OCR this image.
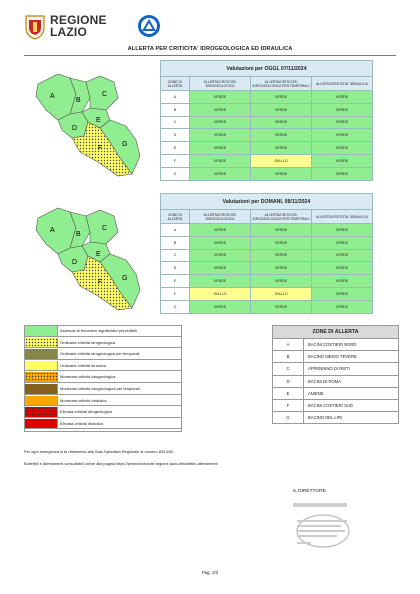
REGIONE
LAZIO
ALLERTA PER CRITICITA' IDROGEOLOGICA ED IDRAULICA
A
B
C
D
E
F
G
Valutazioni per OGGI, 07/11/2024			
ZONE DI ALLERTA	ALLERTA/CRITICITA' IDROGEOLOGICA	ALLERTA/CRITICITA' IDROGEOLOGICA PER TEMPORALI	ALLERTA/CRITICITA' IDRAULICA
A	VERDE	VERDE	VERDE
B	VERDE	VERDE	VERDE
C	VERDE	VERDE	VERDE
D	VERDE	VERDE	VERDE
E	VERDE	VERDE	VERDE
F	VERDE	GIALLO	VERDE
G	VERDE	VERDE	VERDE
A
B
C
D
E
F
G
Valutazioni per DOMANI, 08/11/2024			
ZONE DI ALLERTA	ALLERTA/CRITICITA' IDROGEOLOGICA	ALLERTA/CRITICITA' IDROGEOLOGICA PER TEMPORALI	ALLERTA/CRITICITA' IDRAULICA
A	VERDE	VERDE	VERDE
B	VERDE	VERDE	VERDE
C	VERDE	VERDE	VERDE
D	VERDE	VERDE	VERDE
E	VERDE	VERDE	VERDE
F	GIALLO	GIALLO	VERDE
G	VERDE	VERDE	VERDE
Assenza di fenomeni significativi prevedibili
Ordinaria criticità idrogeologica
Ordinaria criticità idrogeologica per temporali
Ordinaria criticità idraulica
Moderata criticità idrogeologica
Moderata criticità idrogeologica per temporali
Moderata criticità idraulica
Elevata criticità idrogeologica
Elevata criticità idraulica
ZONE DI ALLERTA	
A	BACINI COSTIERI NORD
B	BACINO MEDIO TEVERE
C	APPENNINO DI RIETI
D	BACINI DI ROMA
E	ANIENE
F	BACINI COSTIERI SUD
G	BACINO DEL LIRI
Per ogni emergenza si fa riferimento alla Sala Operativa Regionale al numero 803.555.
Bollettini e Allertamenti consultabili online alla pagina https://protezionecivile.regione.lazio.it/bollettini-allertamenti
IL DIRETTORE
Pag. 2/3
